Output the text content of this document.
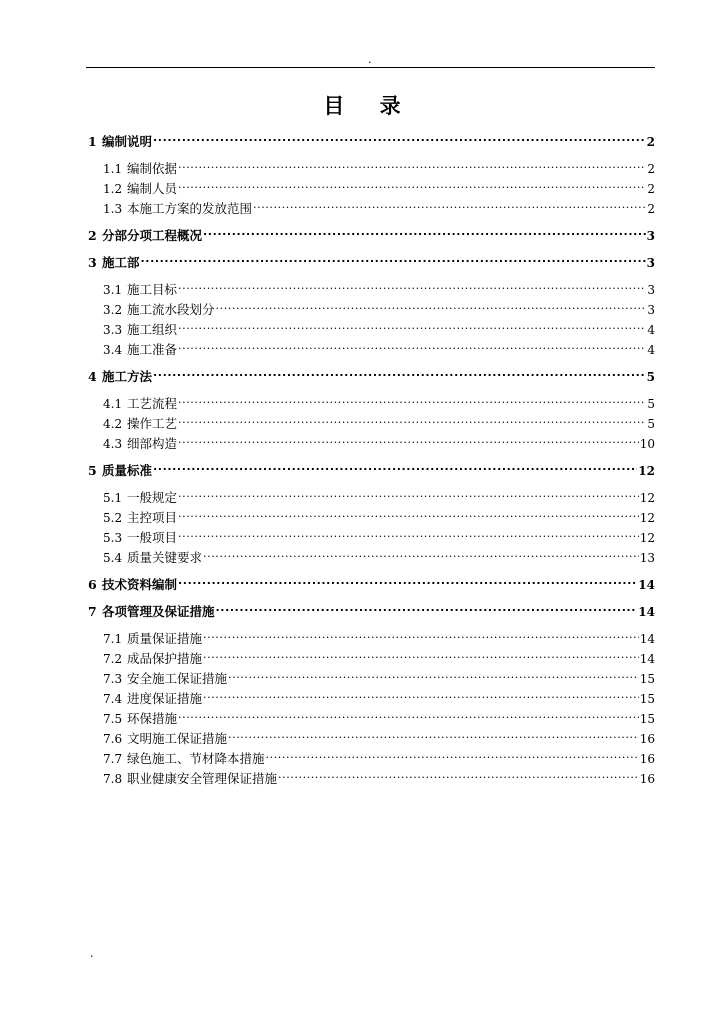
.
目 录
1 编制说明 .....	2
1.1 编制依据 .....	2
1.2 编制人员 .....	2
1.3 本施工方案的发放范围 .....	2
2 分部分项工程概况 .....	3
3 施工部 .....	3
3.1 施工目标 .....	3
3.2 施工流水段划分 .....	3
3.3 施工组织 .....	4
3.4 施工准备 .....	4
4 施工方法 .....	5
4.1 工艺流程 .....	5
4.2 操作工艺 .....	5
4.3 细部构造 .....	10
5 质量标准 .....	12
5.1 一般规定 .....	12
5.2 主控项目 .....	12
5.3 一般项目 .....	12
5.4 质量关键要求 .....	13
6 技术资料编制 .....	14
7 各项管理及保证措施 .....	14
7.1 质量保证措施 .....	14
7.2 成品保护措施 .....	14
7.3 安全施工保证措施 .....	15
7.4 进度保证措施 .....	15
7.5 环保措施 .....	15
7.6 文明施工保证措施 .....	16
7.7 绿色施工、节材降本措施 .....	16
7.8 职业健康安全管理保证措施 .....	16
.
